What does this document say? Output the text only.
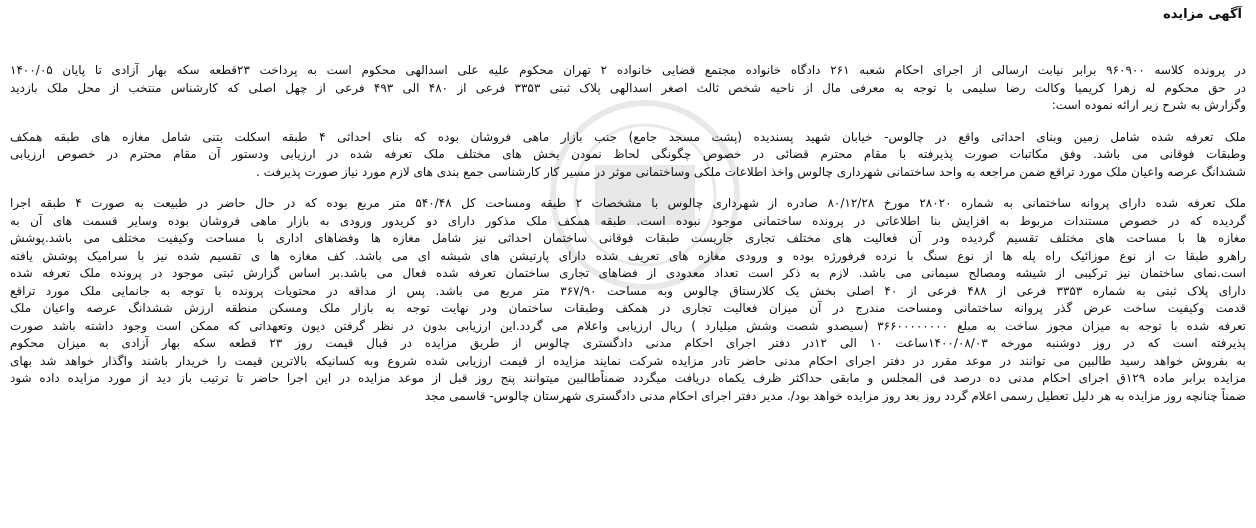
آگهی مزایده
در پرونده کلاسه ۹۶۰۹۰۰ برابر نیابت ارسالی از اجرای احکام شعبه ۲۶۱ دادگاه خانواده مجتمع قضایی خانواده ۲ تهران محکوم علیه علی اسدالهی محکوم است به پرداخت ۲۳قطعه سکه بهار آزادی تا پایان ۱۴۰۰/۰۵
در حق محکوم له زهرا کریمیا وکالت رضا سلیمی با توجه به معرفی مال از ناحیه شخص ثالث اصغر اسدالهی پلاک ثبتی ۳۳۵۳ فرعی از ۴۸۰ الی ۴۹۳ فرعی از چهل اصلی که کارشناس منتخب از محل ملک بازدید
وگزارش به شرح زیر ارائه نموده است:
ملک تعرفه شده شامل زمین وبنای احداثی واقع در چالوس- خیابان شهید پسندیده (پشت مسجد جامع) جنب بازار ماهی فروشان بوده که بنای احداثی ۴ طبقه اسکلت بتنی شامل مغازه های طبقه همکف
وطبقات فوقانی می باشد. وفق مکاتبات صورت پذیرفته با مقام محترم قضائی در خصوص چگونگی لحاظ نمودن بخش های مختلف ملک تعرفه شده در ارزیابی ودستور آن مقام محترم در خصوص ارزیابی
ششدانگ عرصه واعیان ملک مورد تراقع ضمن مراجعه به واحد ساختمانی شهرداری چالوس واخذ اطلاعات ملکی وساختمانی موثر در مسیر کار کارشناسی جمع بندی های لازم مورد نیاز صورت پذیرفت .
ملک تعرفه شده دارای پروانه ساختمانی به شماره ۲۸۰۲۰ مورخ ۸۰/۱۲/۲۸ صادره از شهرداری چالوس با مشخصات ۲ طبقه ومساحت کل ۵۴۰/۴۸ متر مربع بوده که در حال حاضر در طبیعت به صورت ۴ طبقه اجرا
گردیده که در خصوص مستندات مربوط به افزایش بنا اطلاعاتی در پرونده ساختمانی موجود نبوده است. طبقه همکف ملک مذکور دارای دو کریدور ورودی به بازار ماهی فروشان بوده وسایر قسمت های آن به
مغازه ها با مساحت های مختلف تقسیم گردیده ودر آن فعالیت های مختلف تجاری جاریست طبقات فوقانی ساختمان احداثی نیز شامل مغازه ها وفضاهای اداری با مساحت وکیفیت مختلف می باشد.پوشش
راهرو طبقا ت از نوع موزائیک راه پله ها از نوع سنگ با نرده فرفورژه بوده و ورودی مغازه های تعریف شده دارای پارتیشن های شیشه ای می باشد. کف مغازه ها ی تقسیم شده نیز با سرامیک پوشش یافته
است.نمای ساختمان نیز ترکیبی از شیشه ومصالح سیمانی می باشد. لازم به ذکر است تعداد معدودی از فضاهای تجاری ساختمان تعرفه شده فعال می باشد.بر اساس گزارش ثبتی موجود در پرونده ملک تعرفه شده
دارای پلاک ثبتی به شماره ۳۳۵۳ فرعی از ۴۸۸ فرعی از ۴۰ اصلی بخش یک کلارستاق چالوس وبه مساحت ۳۶۷/۹۰ متر مربع می باشد. پس از مداقه در محتویات پرونده با توجه به جانمایی ملک مورد تراقع
قدمت وکیفیت ساخت عرض گذر پروانه ساختمانی ومساحت مندرج در آن میزان فعالیت تجاری در همکف وطبقات ساختمان ودر نهایت توجه به بازار ملک ومسکن منطقه ارزش ششدانگ عرصه واعیان ملک
تعرفه شده با توجه به میزان مجوز ساخت به مبلغ ۳۶۶۰۰۰۰۰۰۰۰ (سیصدو شصت وشش میلیارد ) ریال ارزیابی واعلام می گردد.این ارزیابی بدون در نظر گرفتن دیون وتعهداتی که ممکن است وجود داشته باشد صورت
پذیرفته است که در روز دوشنبه مورخه ۱۴۰۰/۰۸/۰۳ساعت ۱۰ الی ۱۲در دفتر اجرای احکام مدنی دادگستری چالوس از طریق مزایده در قبال قیمت روز ۲۳ قطعه سکه بهار آزادی به میزان محکوم
به بفروش خواهد رسید طالبین می توانند در موعد مقرر در دفتر اجرای احکام مدنی حاضر تادر مزایده شرکت نمایند مزایده از قیمت ارزیابی شده شروع وبه کسانیکه بالاترین قیمت را خریدار باشند واگذار خواهد شد بهای
مزایده برابر ماده ۱۲۹ق اجرای احکام مدنی ده درصد فی المجلس و مابقی حداکثر ظرف یکماه دریافت میگردد ضمناًطالبین میتوانند پنج روز قبل از موعد مزایده در این اجرا حاضر تا ترتیب باز دید از مورد مزایده داده شود
ضمناً چنانچه روز مزایده به هر دلیل تعطیل رسمی اعلام گردد روز بعد روز مزایده خواهد بود/. مدیر دفتر اجرای احکام مدنی دادگستری شهرستان چالوس- قاسمی مجد
